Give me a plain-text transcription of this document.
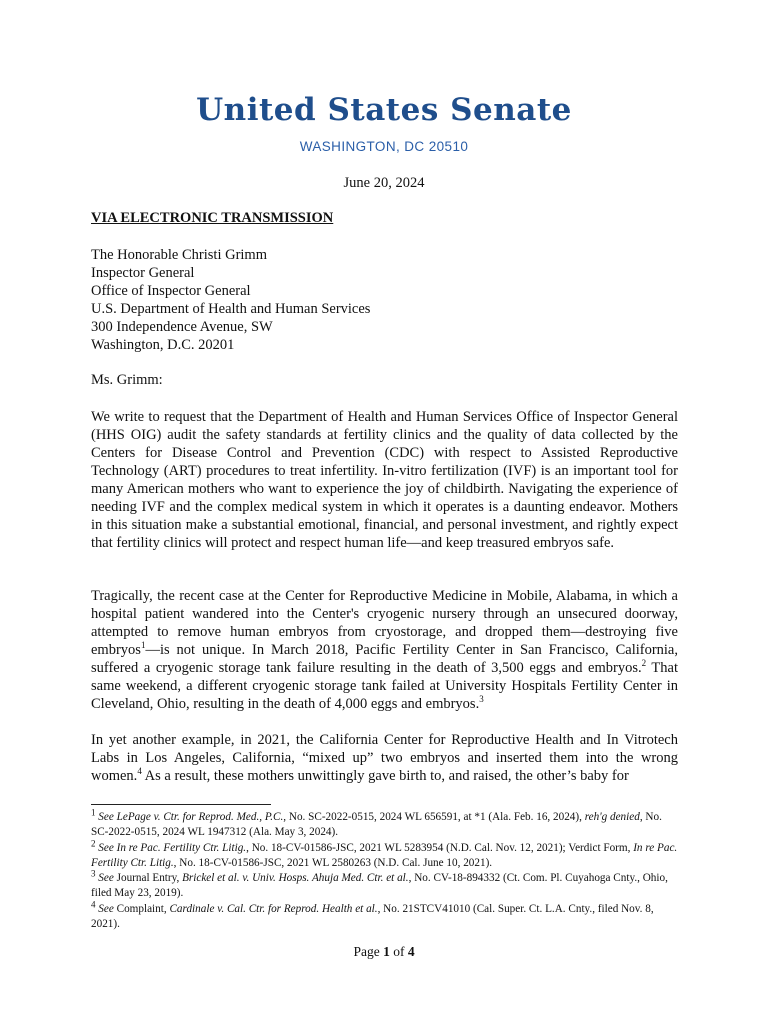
United States Senate
WASHINGTON, DC 20510
June 20, 2024
VIA ELECTRONIC TRANSMISSION
The Honorable Christi Grimm
Inspector General
Office of Inspector General
U.S. Department of Health and Human Services
300 Independence Avenue, SW
Washington, D.C. 20201
Ms. Grimm:

We write to request that the Department of Health and Human Services Office of Inspector General (HHS OIG) audit the safety standards at fertility clinics and the quality of data collected by the Centers for Disease Control and Prevention (CDC) with respect to Assisted Reproductive Technology (ART) procedures to treat infertility. In-vitro fertilization (IVF) is an important tool for many American mothers who want to experience the joy of childbirth. Navigating the experience of needing IVF and the complex medical system in which it operates is a daunting endeavor. Mothers in this situation make a substantial emotional, financial, and personal investment, and rightly expect that fertility clinics will protect and respect human life—and keep treasured embryos safe.

Tragically, the recent case at the Center for Reproductive Medicine in Mobile, Alabama, in which a hospital patient wandered into the Center's cryogenic nursery through an unsecured doorway, attempted to remove human embryos from cryostorage, and dropped them—destroying five embryos$^1$—is not unique. In March 2018, Pacific Fertility Center in San Francisco, California, suffered a cryogenic storage tank failure resulting in the death of 3,500 eggs and embryos.$^2$ That same weekend, a different cryogenic storage tank failed at University Hospitals Fertility Center in Cleveland, Ohio, resulting in the death of 4,000 eggs and embryos.$^3$

In yet another example, in 2021, the California Center for Reproductive Health and In Vitrotech Labs in Los Angeles, California, “mixed up” two embryos and inserted them into the wrong women.$^4$ As a result, these mothers unwittingly gave birth to, and raised, the other’s baby for

$^1$ See LePage v. Ctr. for Reprod. Med., P.C., No. SC-2022-0515, 2024 WL 656591, at *1 (Ala. Feb. 16, 2024), reh'g denied, No. SC-2022-0515, 2024 WL 1947312 (Ala. May 3, 2024).

$^2$ See In re Pac. Fertility Ctr. Litig., No. 18-CV-01586-JSC, 2021 WL 5283954 (N.D. Cal. Nov. 12, 2021); Verdict Form, In re Pac. Fertility Ctr. Litig., No. 18-CV-01586-JSC, 2021 WL 2580263 (N.D. Cal. June 10, 2021).

$^3$ See Journal Entry, Brickel et al. v. Univ. Hosps. Ahuja Med. Ctr. et al., No. CV-18-894332 (Ct. Com. Pl. Cuyahoga Cnty., Ohio, filed May 23, 2019).

$^4$ See Complaint, Cardinale v. Cal. Ctr. for Reprod. Health et al., No. 21STCV41010 (Cal. Super. Ct. L.A. Cnty., filed Nov. 8, 2021).

Page 1 of 4
